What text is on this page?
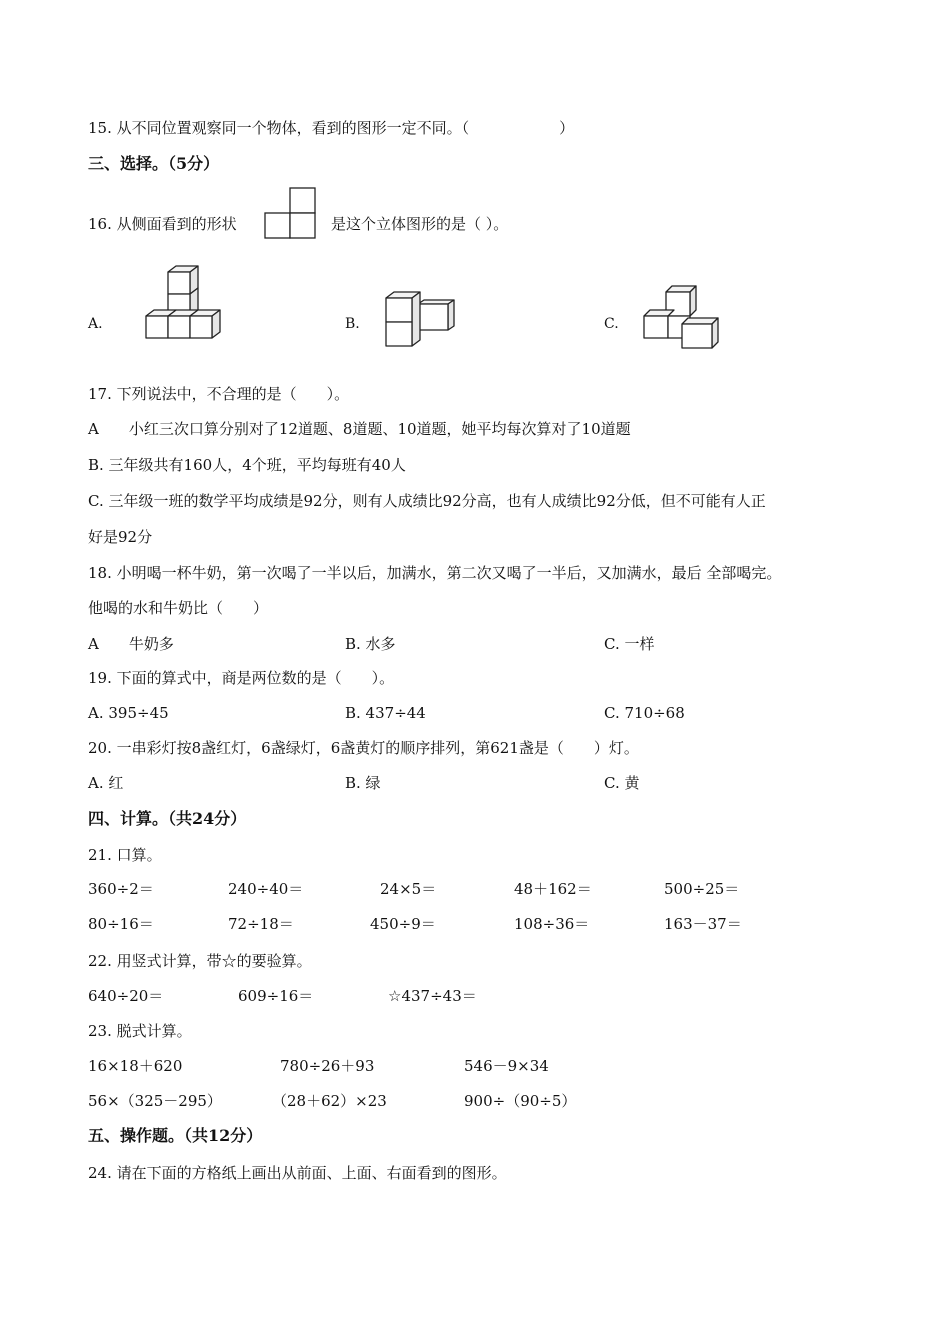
15. 从不同位置观察同一个物体，看到的图形一定不同。（　　　　　　）
三、选择。（5分）
16. 从侧面看到的形状	是这个立体图形的是（ ）。
A.	B.	C.
17. 下列说法中，不合理的是（　　）。
A　　小红三次口算分别对了12道题、8道题、10道题，她平均每次算对了10道题
B. 三年级共有160人，4个班，平均每班有40人
C. 三年级一班的数学平均成绩是92分，则有人成绩比92分高，也有人成绩比92分低，但不可能有人正
好是92分
18. 小明喝一杯牛奶，第一次喝了一半以后，加满水，第二次又喝了一半后，又加满水，最后 全部喝完。
他喝的水和牛奶比（　　）
A　　牛奶多	B. 水多	C. 一样
19. 下面的算式中，商是两位数的是（　　）。
A. 395÷45	B. 437÷44	C. 710÷68
20. 一串彩灯按8盏红灯，6盏绿灯，6盏黄灯的顺序排列，第621盏是（　　）灯。
A. 红	B. 绿	C. 黄
四、计算。（共24分）
21. 口算。
360÷2＝	240÷40＝	24×5＝	48＋162＝	500÷25＝
80÷16＝	72÷18＝	450÷9＝	108÷36＝	163－37＝
22. 用竖式计算，带☆的要验算。
640÷20＝	609÷16＝	☆437÷43＝
23. 脱式计算。
16×18＋620	780÷26＋93	546－9×34
56×（325－295）	（28＋62）×23	900÷（90÷5）
五、操作题。（共12分）
24. 请在下面的方格纸上画出从前面、上面、右面看到的图形。
